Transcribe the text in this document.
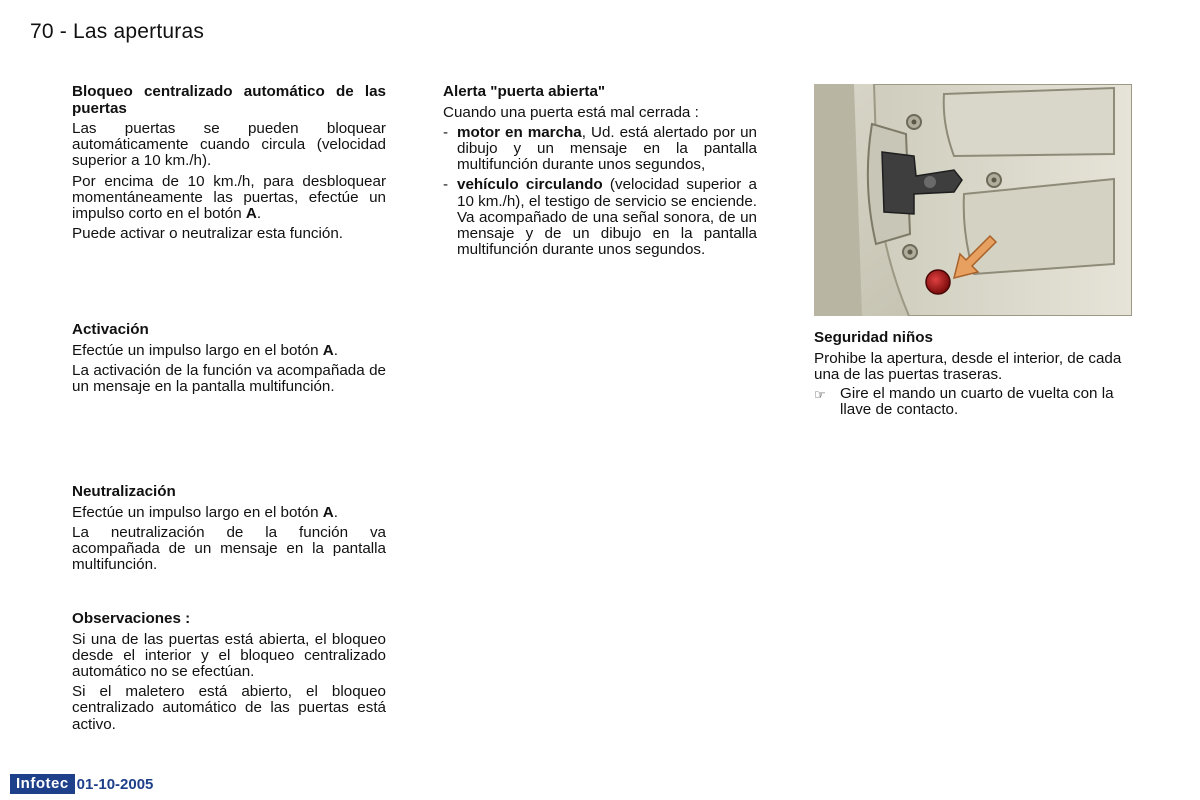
70 - Las aperturas
Bloqueo centralizado automático de las puertas

Las puertas se pueden bloquear automáticamente cuando circula (velocidad superior a 10 km./h).

Por encima de 10 km./h, para desbloquear momentáneamente las puertas, efectúe un impulso corto en el botón A.

Puede activar o neutralizar esta función.

Activación

Efectúe un impulso largo en el botón A.

La activación de la función va acompañada de un mensaje en la pantalla multifunción.

Neutralización

Efectúe un impulso largo en el botón A.

La neutralización de la función va acompañada de un mensaje en la pantalla multifunción.

Observaciones :

Si una de las puertas está abierta, el bloqueo desde el interior y el bloqueo centralizado automático no se efectúan.

Si el maletero está abierto, el bloqueo centralizado automático de las puertas está activo.

Alerta "puerta abierta"

Cuando una puerta está mal cerrada :

- motor en marcha, Ud. está alertado por un dibujo y un mensaje en la pantalla multifunción durante unos segundos,
- vehículo circulando (velocidad superior a 10 km./h), el testigo de servicio se enciende. Va acompañado de una señal sonora, de un mensaje y de un dibujo en la pantalla multifunción durante unos segundos.
Seguridad niños

Prohibe la apertura, desde el interior, de cada una de las puertas traseras.

☞ Gire el mando un cuarto de vuelta con la llave de contacto.
Infotec 01-10-2005
